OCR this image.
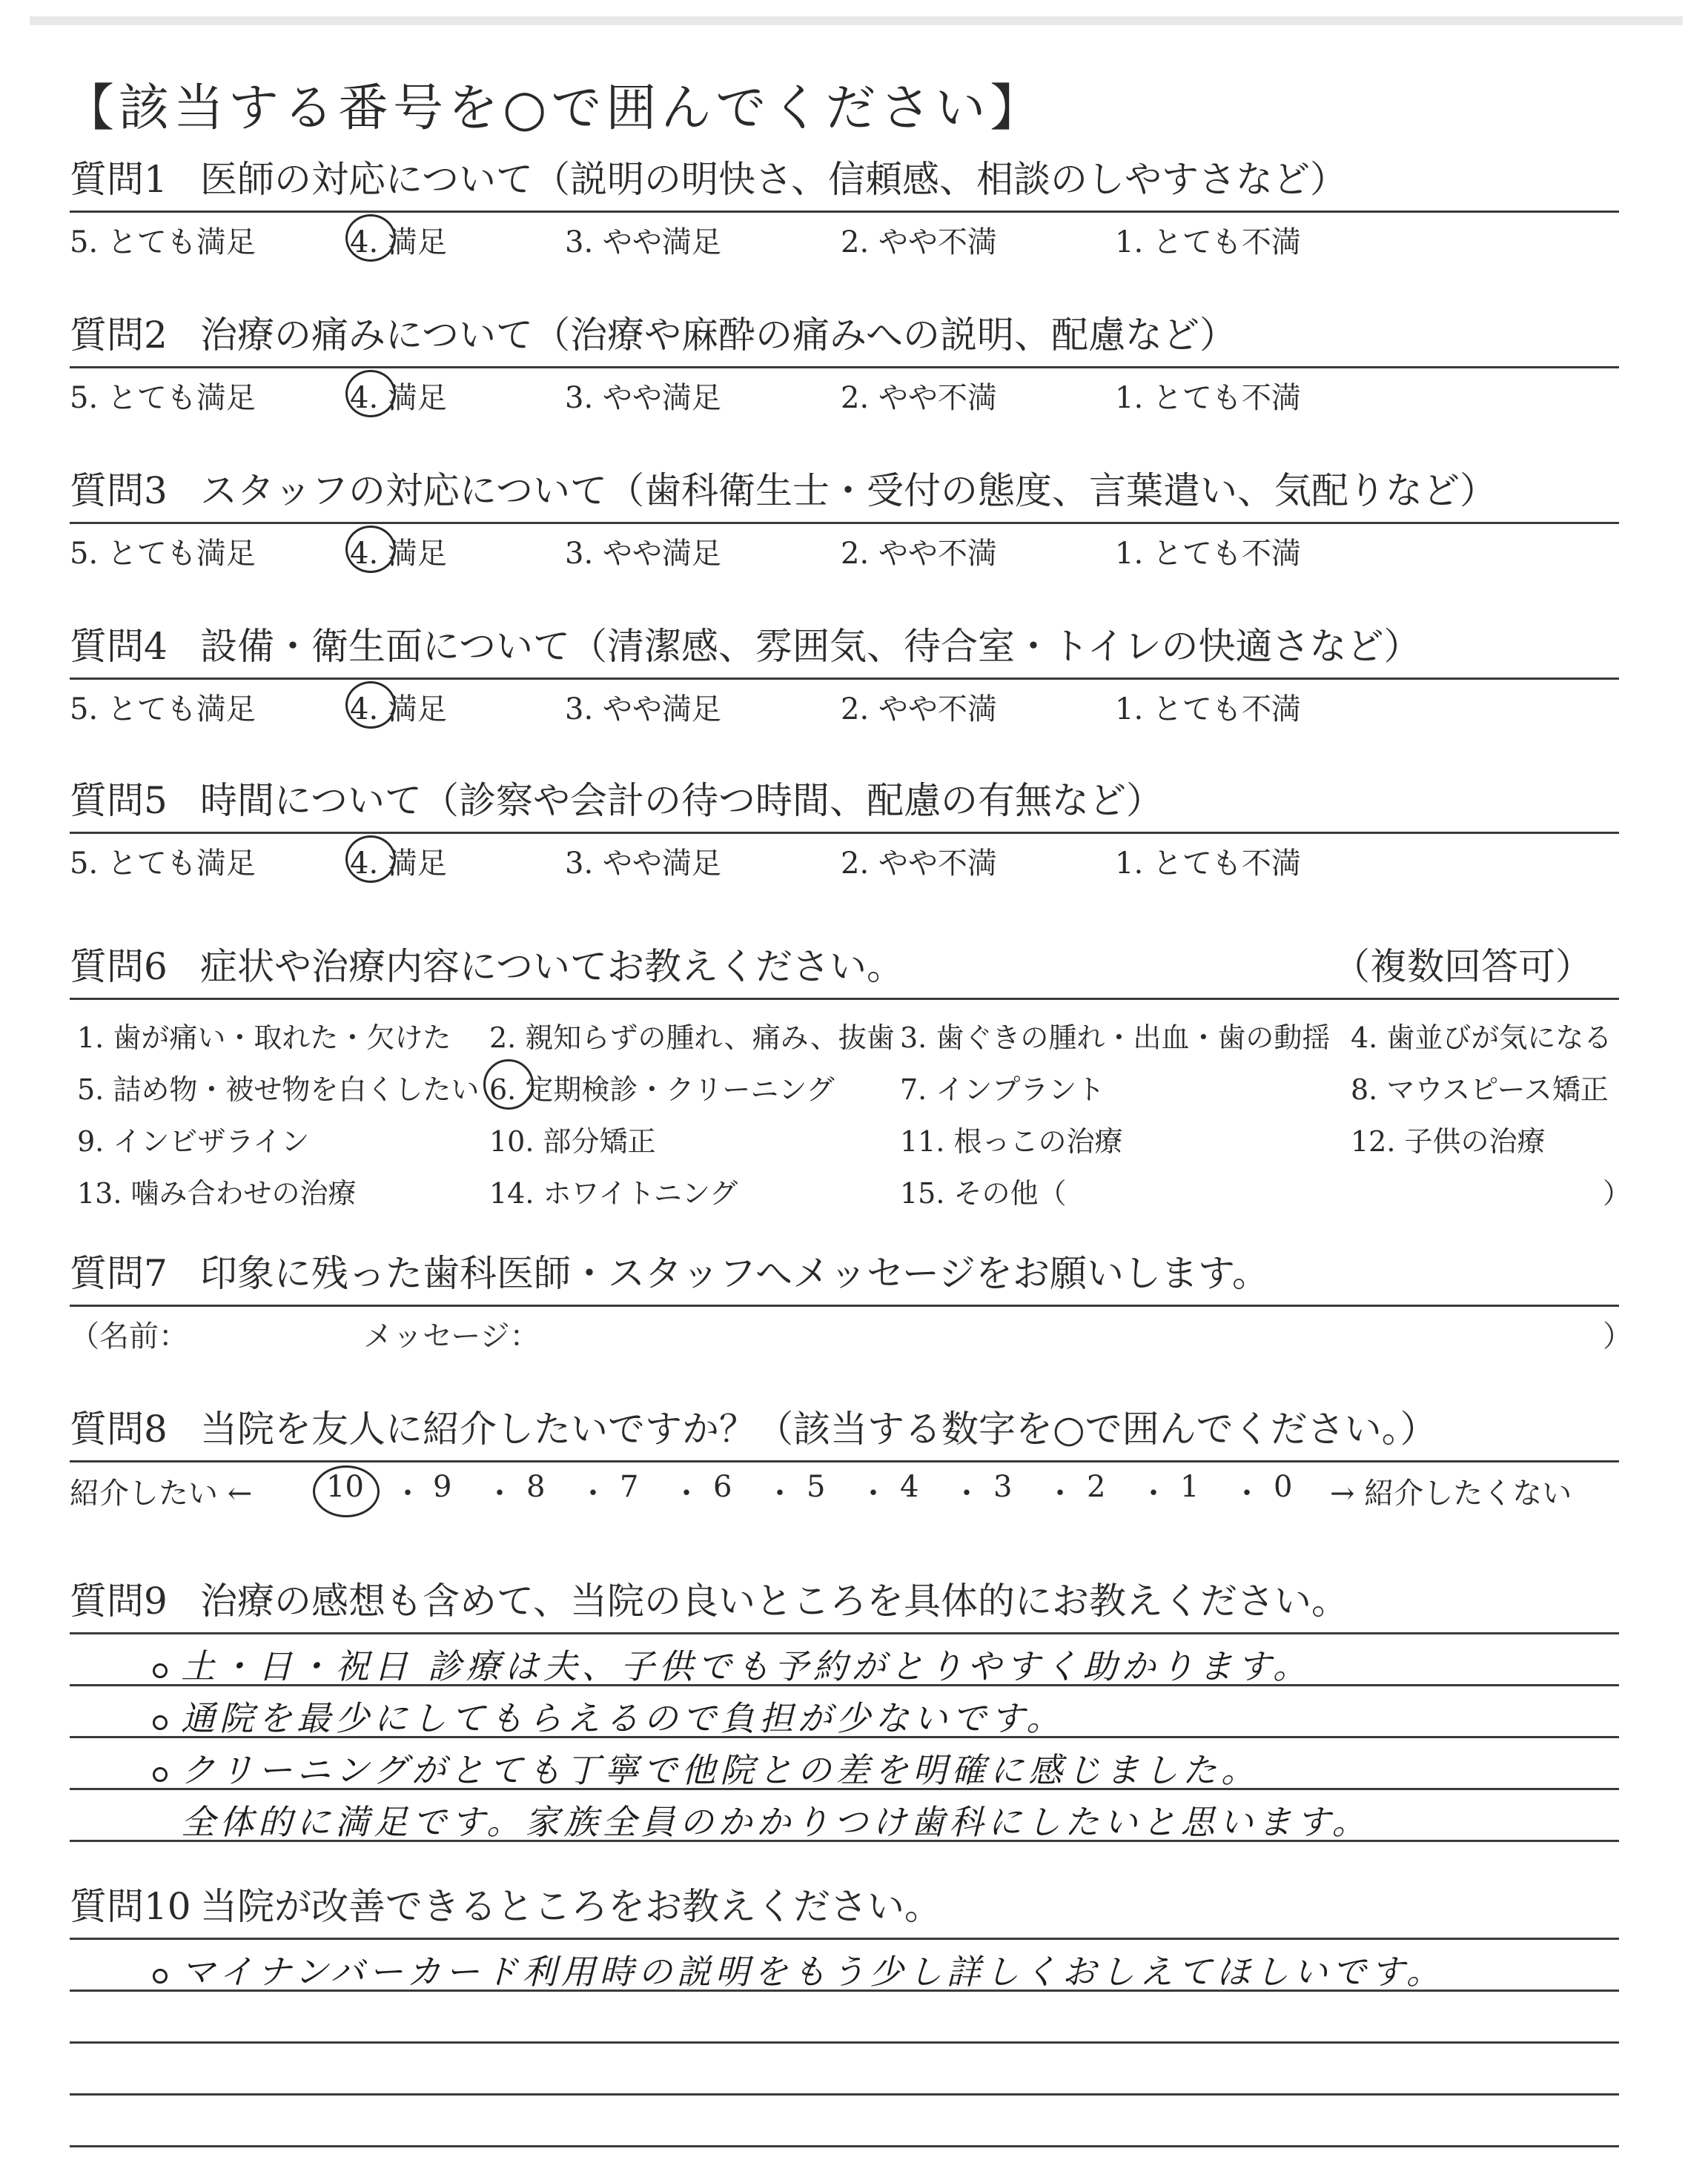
【該当する番号を○で囲んでください】
質問1 医師の対応について（説明の明快さ、信頼感、相談のしやすさなど）
5. とても満足	4. 満足	3. やや満足	2. やや不満	1. とても不満
質問2 治療の痛みについて（治療や麻酔の痛みへの説明、配慮など）
5. とても満足	4. 満足	3. やや満足	2. やや不満	1. とても不満
質問3 スタッフの対応について（歯科衛生士・受付の態度、言葉遣い、気配りなど）
5. とても満足	4. 満足	3. やや満足	2. やや不満	1. とても不満
質問4 設備・衛生面について（清潔感、雰囲気、待合室・トイレの快適さなど）
5. とても満足	4. 満足	3. やや満足	2. やや不満	1. とても不満
質問5 時間について（診察や会計の待つ時間、配慮の有無など）
5. とても満足	4. 満足	3. やや満足	2. やや不満	1. とても不満
質問6 症状や治療内容についてお教えください。	（複数回答可）
1. 歯が痛い・取れた・欠けた 2. 親知らずの腫れ、痛み、抜歯 3. 歯ぐきの腫れ・出血・歯の動揺 4. 歯並びが気になる
5. 詰め物・被せ物を白くしたい 6. 定期検診・クリーニング 7. インプラント	8. マウスピース矯正
9. インビザライン	10. 部分矯正	11. 根っこの治療	12. 子供の治療
13. 噛み合わせの治療	14. ホワイトニング	15. その他（	）
質問7 印象に残った歯科医師・スタッフへメッセージをお願いします。
（名前：	メッセージ：	）
質問8 当院を友人に紹介したいですか？（該当する数字を○で囲んでください。）
紹介したい ← 10 ・ 9 ・ 8 ・ 7 ・ 6 ・ 5 ・ 4 ・ 3 ・ 2 ・ 1 ・ 0 → 紹介したくない
質問9 治療の感想も含めて、当院の良いところを具体的にお教えください。
土・日・祝日 診療は夫、子供でも予約がとりやすく助かります。
通院を最少にしてもらえるので負担が少ないです。
クリーニングがとても丁寧で他院との差を明確に感じました。
全体的に満足です。家族全員のかかりつけ歯科にしたいと思います。
質問10 当院が改善できるところをお教えください。
マイナンバーカード利用時の説明をもう少し詳しくおしえてほしいです。
